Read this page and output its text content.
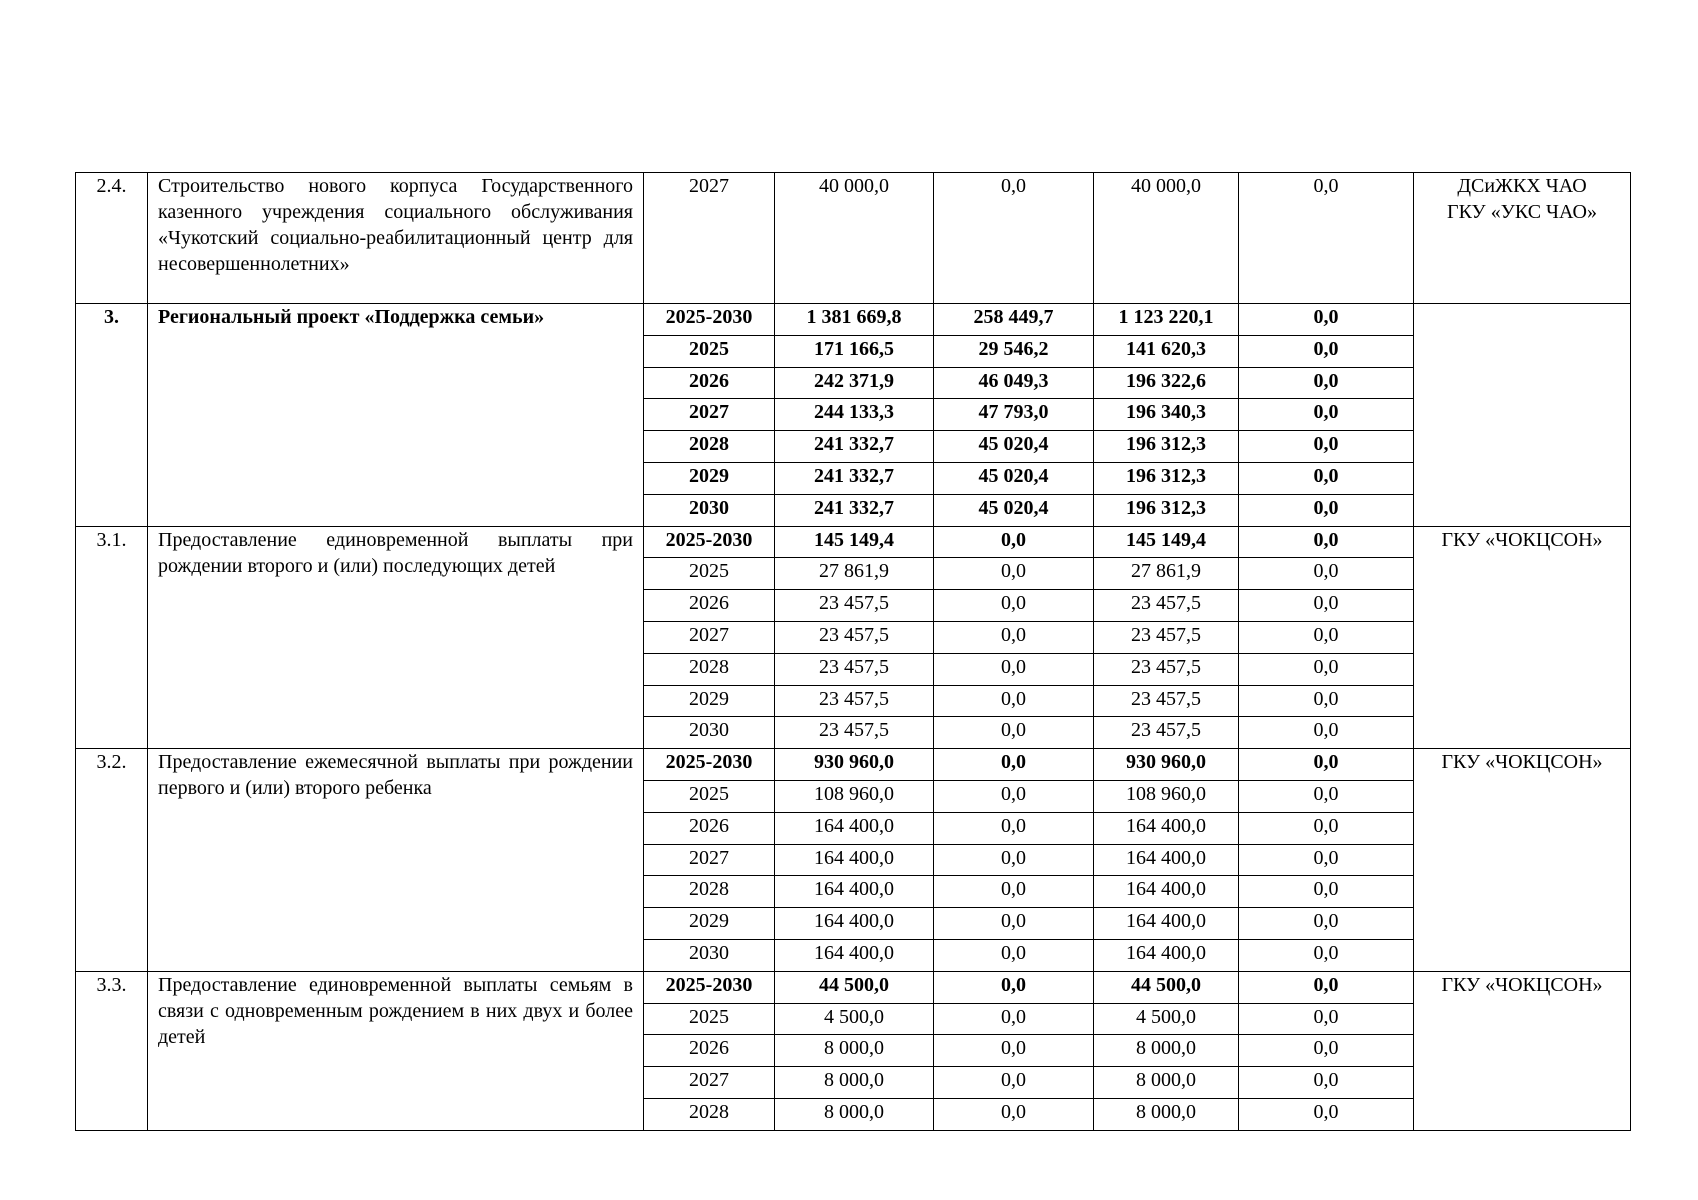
2.4.	Строительство нового корпуса Государственного казенного учреждения социального обслуживания «Чукотский социально-реабилитационный центр для несовершеннолетних»	2027	40 000,0	0,0	40 000,0	0,0	ДСиЖКХ ЧАО
ГКУ «УКС ЧАО»

3.	Региональный проект «Поддержка семьи»	2025-2030	1 381 669,8	258 449,7	1 123 220,1	0,0	
		2025	171 166,5	29 546,2	141 620,3	0,0	
		2026	242 371,9	46 049,3	196 322,6	0,0	
		2027	244 133,3	47 793,0	196 340,3	0,0	
		2028	241 332,7	45 020,4	196 312,3	0,0	
		2029	241 332,7	45 020,4	196 312,3	0,0	
		2030	241 332,7	45 020,4	196 312,3	0,0	
3.1.	Предоставление единовременной выплаты при рождении второго и (или) последующих детей	2025-2030	145 149,4	0,0	145 149,4	0,0	ГКУ «ЧОКЦСОН»

		2025	27 861,9	0,0	27 861,9	0,0	
		2026	23 457,5	0,0	23 457,5	0,0	
		2027	23 457,5	0,0	23 457,5	0,0	
		2028	23 457,5	0,0	23 457,5	0,0	
		2029	23 457,5	0,0	23 457,5	0,0	
		2030	23 457,5	0,0	23 457,5	0,0	
3.2.	Предоставление ежемесячной выплаты при рождении первого и (или) второго ребенка	2025-2030	930 960,0	0,0	930 960,0	0,0	ГКУ «ЧОКЦСОН»

		2025	108 960,0	0,0	108 960,0	0,0	
		2026	164 400,0	0,0	164 400,0	0,0	
		2027	164 400,0	0,0	164 400,0	0,0	
		2028	164 400,0	0,0	164 400,0	0,0	
		2029	164 400,0	0,0	164 400,0	0,0	
		2030	164 400,0	0,0	164 400,0	0,0	
3.3.	Предоставление единовременной выплаты семьям в связи с одновременным рождением в них двух и более детей	2025-2030	44 500,0	0,0	44 500,0	0,0	ГКУ «ЧОКЦСОН»

		2025	4 500,0	0,0	4 500,0	0,0	
		2026	8 000,0	0,0	8 000,0	0,0	
		2027	8 000,0	0,0	8 000,0	0,0	
		2028	8 000,0	0,0	8 000,0	0,0	
